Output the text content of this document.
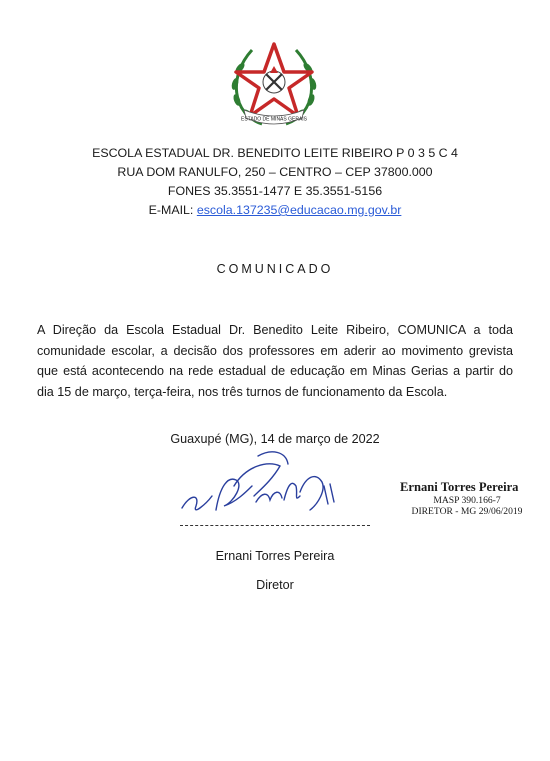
ESTADO DE MINAS GERAIS
ESCOLA ESTADUAL DR. BENEDITO LEITE RIBEIRO P 0 3 5 C 4
RUA DOM RANULFO, 250 – CENTRO – CEP 37800.000
FONES 35.3551-1477 E 35.3551-5156
E-MAIL: escola.137235@educacao.mg.gov.br
COMUNICADO
A Direção da Escola Estadual Dr. Benedito Leite Ribeiro, COMUNICA a toda comunidade escolar, a decisão dos professores em aderir ao movimento grevista que está acontecendo na rede estadual de educação em Minas Gerias a partir do dia 15 de março, terça-feira, nos três turnos de funcionamento da Escola.
Guaxupé (MG), 14 de março de 2022
Ernani Torres Pereira
Diretor
Ernani Torres Pereira
MASP 390.166-7
DIRETOR - MG 29/06/2019
